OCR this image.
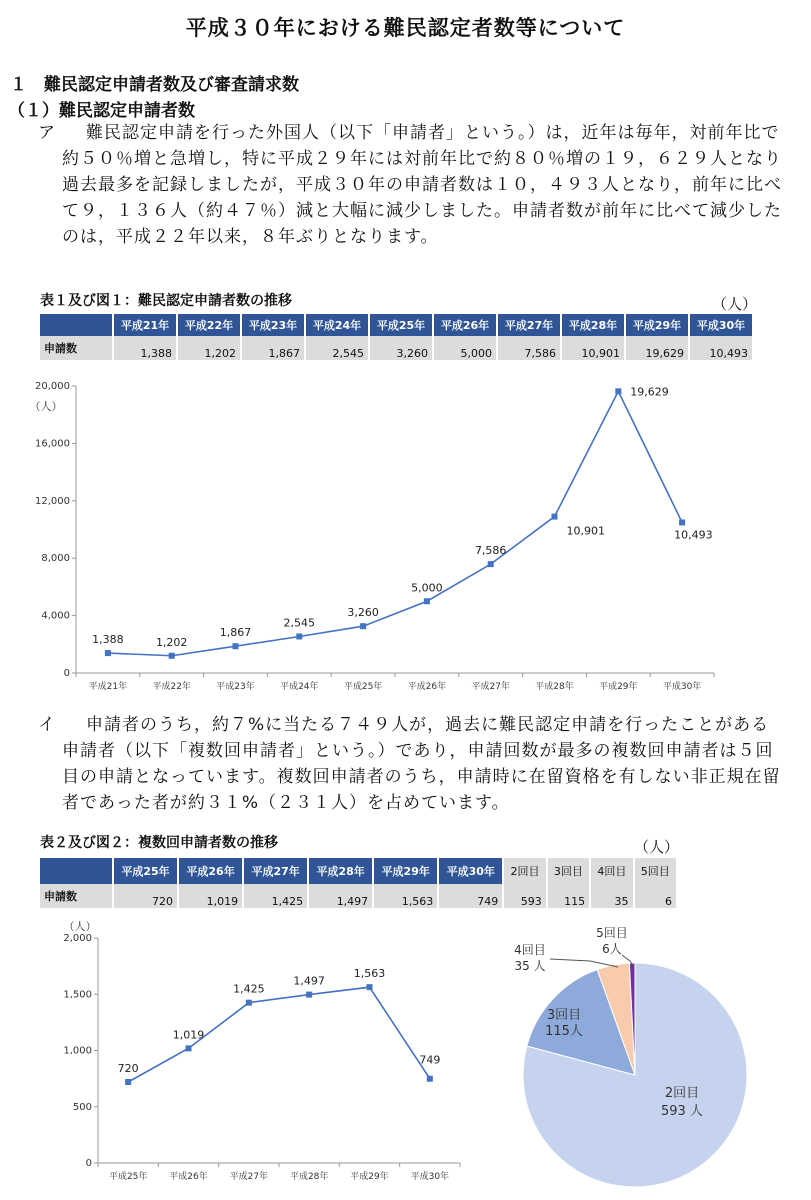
平成３０年における難民認定者数等について
１　難民認定申請者数及び審査請求数
（１）難民認定申請者数
ア	難民認定申請を行った外国人（以下「申請者」という。）は，近年は毎年，対前年比で約５０％増と急増し，特に平成２９年には対前年比で約８０％増の１９，６２９人となり過去最多を記録しましたが，平成３０年の申請者数は１０，４９３人となり，前年に比べて９，１３６人（約４７％）減と大幅に減少しました。申請者数が前年に比べて減少したのは，平成２２年以来，８年ぶりとなります。
表１及び図１：難民認定申請者数の推移	（人）
	平成21年	平成22年	平成23年	平成24年	平成25年	平成26年	平成27年	平成28年	平成29年	平成30年
申請数	1,388	1,202	1,867	2,545	3,260	5,000	7,586	10,901	19,629	10,493
0
4,000
8,000
12,000
16,000
20,000
平成21年	平成22年	平成23年	平成24年	平成25年	平成26年	平成27年	平成28年	平成29年	平成30年
（人）
1,388	1,202
1,867
2,545
3,260
5,000
7,586
10,901
19,629
10,493
イ	申請者のうち，約７%に当たる７４９人が，過去に難民認定申請を行ったことがある申請者（以下「複数回申請者」という。）であり，申請回数が最多の複数回申請者は５回目の申請となっています。複数回申請者のうち，申請時に在留資格を有しない非正規在留者であった者が約３１%（２３１人）を占めています。
表２及び図２：複数回申請者数の推移	（人）
	平成25年	平成26年	平成27年	平成28年	平成29年	平成30年	2回目	3回目	4回目	5回目
申請数	720	1,019	1,425	1,497	1,563	749	593	115	35	6
0
500
1,000
1,500
2,000
平成25年 平成26年 平成27年 平成28年 平成29年 平成30年
（人）
720
1,019
1,425
1,497
1,563
749
2回目
593 人
3回目
115人
4回目
35 人
5回目
6人
